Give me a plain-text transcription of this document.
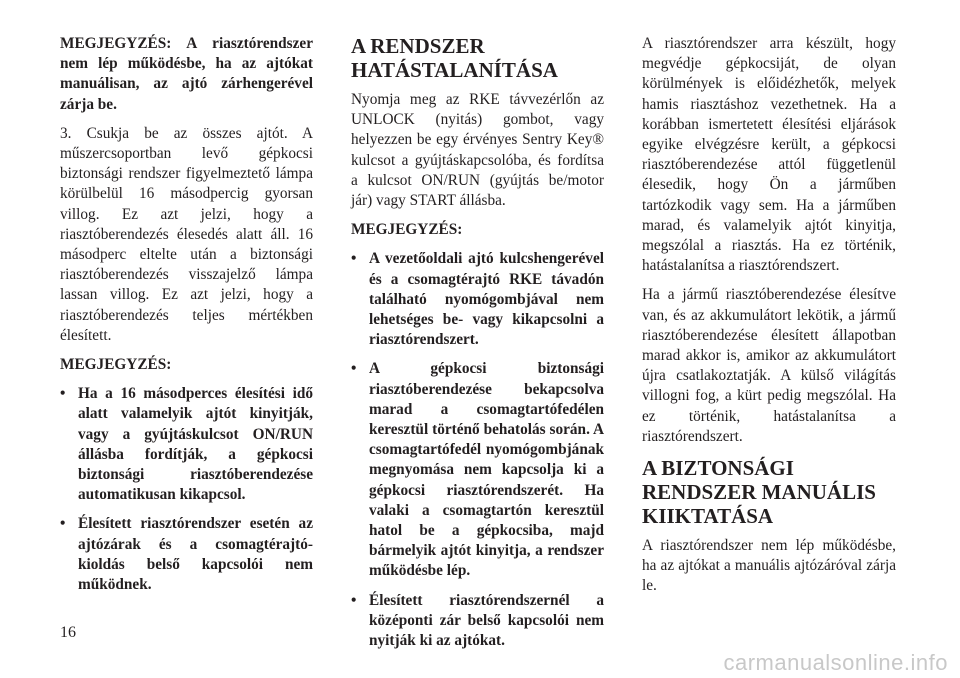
MEGJEGYZÉS: A riasztórendszer nem lép működésbe, ha az ajtókat manuálisan, az ajtó zárhengerével zárja be.

3. Csukja be az összes ajtót. A műszercsoportban levő gépkocsi biztonsági rendszer figyelmeztető lámpa körülbelül 16 másodpercig gyorsan villog. Ez azt jelzi, hogy a riasztóberendezés élesedés alatt áll. 16 másodperc eltelte után a biztonsági riasztóberendezés visszajelző lámpa lassan villog. Ez azt jelzi, hogy a riasztóberendezés teljes mértékben élesített.

MEGJEGYZÉS:

• Ha a 16 másodperces élesítési idő alatt valamelyik ajtót kinyitják, vagy a gyújtáskulcsot ON/RUN állásba fordítják, a gépkocsi biztonsági riasztóberendezése automatikusan kikapcsol.
• Élesített riasztórendszer esetén az ajtózárak és a csomagtérajtó-kioldás belső kapcsolói nem működnek.
A RENDSZER HATÁSTALANÍTÁSA

Nyomja meg az RKE távvezérlőn az UNLOCK (nyitás) gombot, vagy helyezzen be egy érvényes Sentry Key® kulcsot a gyújtáskapcsolóba, és fordítsa a kulcsot ON/RUN (gyújtás be/motor jár) vagy START állásba.

MEGJEGYZÉS:

• A vezetőoldali ajtó kulcshengerével és a csomagtérajtó RKE távadón található nyomógombjával nem lehetséges be- vagy kikapcsolni a riasztórendszert.
• A gépkocsi biztonsági riasztóberendezése bekapcsolva marad a csomagtartófedélen keresztül történő behatolás során. A csomagtartófedél nyomógombjának megnyomása nem kapcsolja ki a gépkocsi riasztórendszerét. Ha valaki a csomagtartón keresztül hatol be a gépkocsiba, majd bármelyik ajtót kinyitja, a rendszer működésbe lép.
• Élesített riasztórendszernél a középonti zár belső kapcsolói nem nyitják ki az ajtókat.

A riasztórendszer arra készült, hogy megvédje gépkocsiját, de olyan körülmények is előidézhetők, melyek hamis riasztáshoz vezethetnek. Ha a korábban ismertetett élesítési eljárások egyike elvégzésre került, a gépkocsi riasztóberendezése attól függetlenül élesedik, hogy Ön a járműben tartózkodik vagy sem. Ha a járműben marad, és valamelyik ajtót kinyitja, megszólal a riasztás. Ha ez történik, hatástalanítsa a riasztórendszert.

Ha a jármű riasztóberendezése élesítve van, és az akkumulátort lekötik, a jármű riasztóberendezése élesített állapotban marad akkor is, amikor az akkumulátort újra csatlakoztatják. A külső világítás villogni fog, a kürt pedig megszólal. Ha ez történik, hatástalanítsa a riasztórendszert.

A BIZTONSÁGI RENDSZER MANUÁLIS KIIKTATÁSA

A riasztórendszer nem lép működésbe, ha az ajtókat a manuális ajtózáróval zárja le.

16
carmanualsonline.info
